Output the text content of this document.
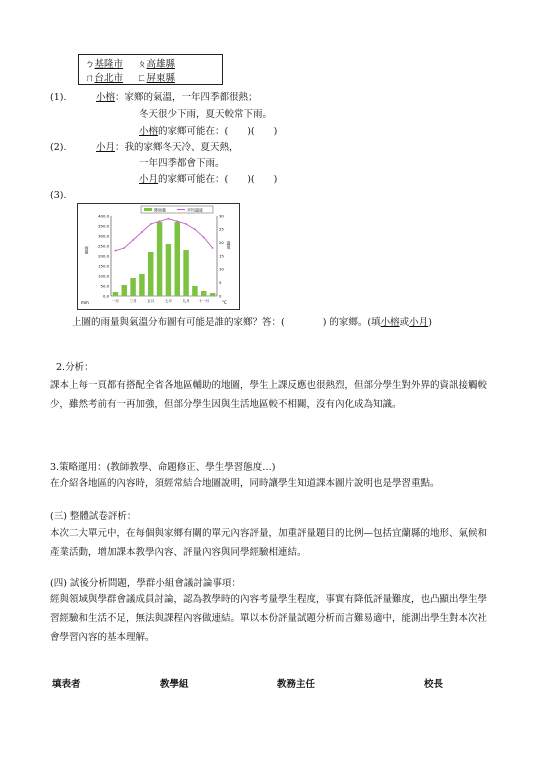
ㄅ基隆市 ㄆ高雄縣
ㄇ台北市 ㄈ屏東縣
(1).	小榕：家鄉的氣溫，一年四季都很熱；
冬天很少下雨，夏天較常下雨。
小榕的家鄉可能在：(　　)(　　)
(2).	小月：我的家鄉冬天冷、夏天熱，
一年四季都會下雨。
小月的家鄉可能在：(　　)(　　)
(3).
降雨量	平均溫度
400.0
350.0
300.0
250.0
200.0
150.0
100.0
50.0
0.0
30
25
20
15
10
5
0
一月	三月	五月	七月	九月 十一月
雨量
溫度
mm	°C
上圖的雨量與氣溫分布圖有可能是誰的家鄉？答：(　　　　) 的家鄉。(填小榕或小月)
2.分析：
課本上每一頁都有搭配全省各地區輔助的地圖，學生上課反應也很熱烈，但部分學生對外界的資訊接觸較少，雖然考前有一再加強，但部分學生因與生活地區較不相關，沒有內化成為知識。
3.策略運用：(教師教學、命題修正、學生學習態度…)
在介紹各地區的內容時，須經常結合地圖說明，同時讓學生知道課本圖片說明也是學習重點。
(三) 整體試卷評析：
本次二大單元中，在每個與家鄉有關的單元內容評量，加重評量題目的比例—包括宜蘭縣的地形、氣候和產業活動，增加課本教學內容、評量內容與同學經驗相連結。
(四) 試後分析問題，學群小組會議討論事項：
經與領域與學群會議成員討論，認為教學時的內容考量學生程度，事實有降低評量難度，也凸顯出學生學習經驗和生活不足，無法與課程內容做連結。單以本份評量試題分析而言難易適中，能測出學生對本次社會學習內容的基本理解。
填表者	教學組	教務主任	校長
